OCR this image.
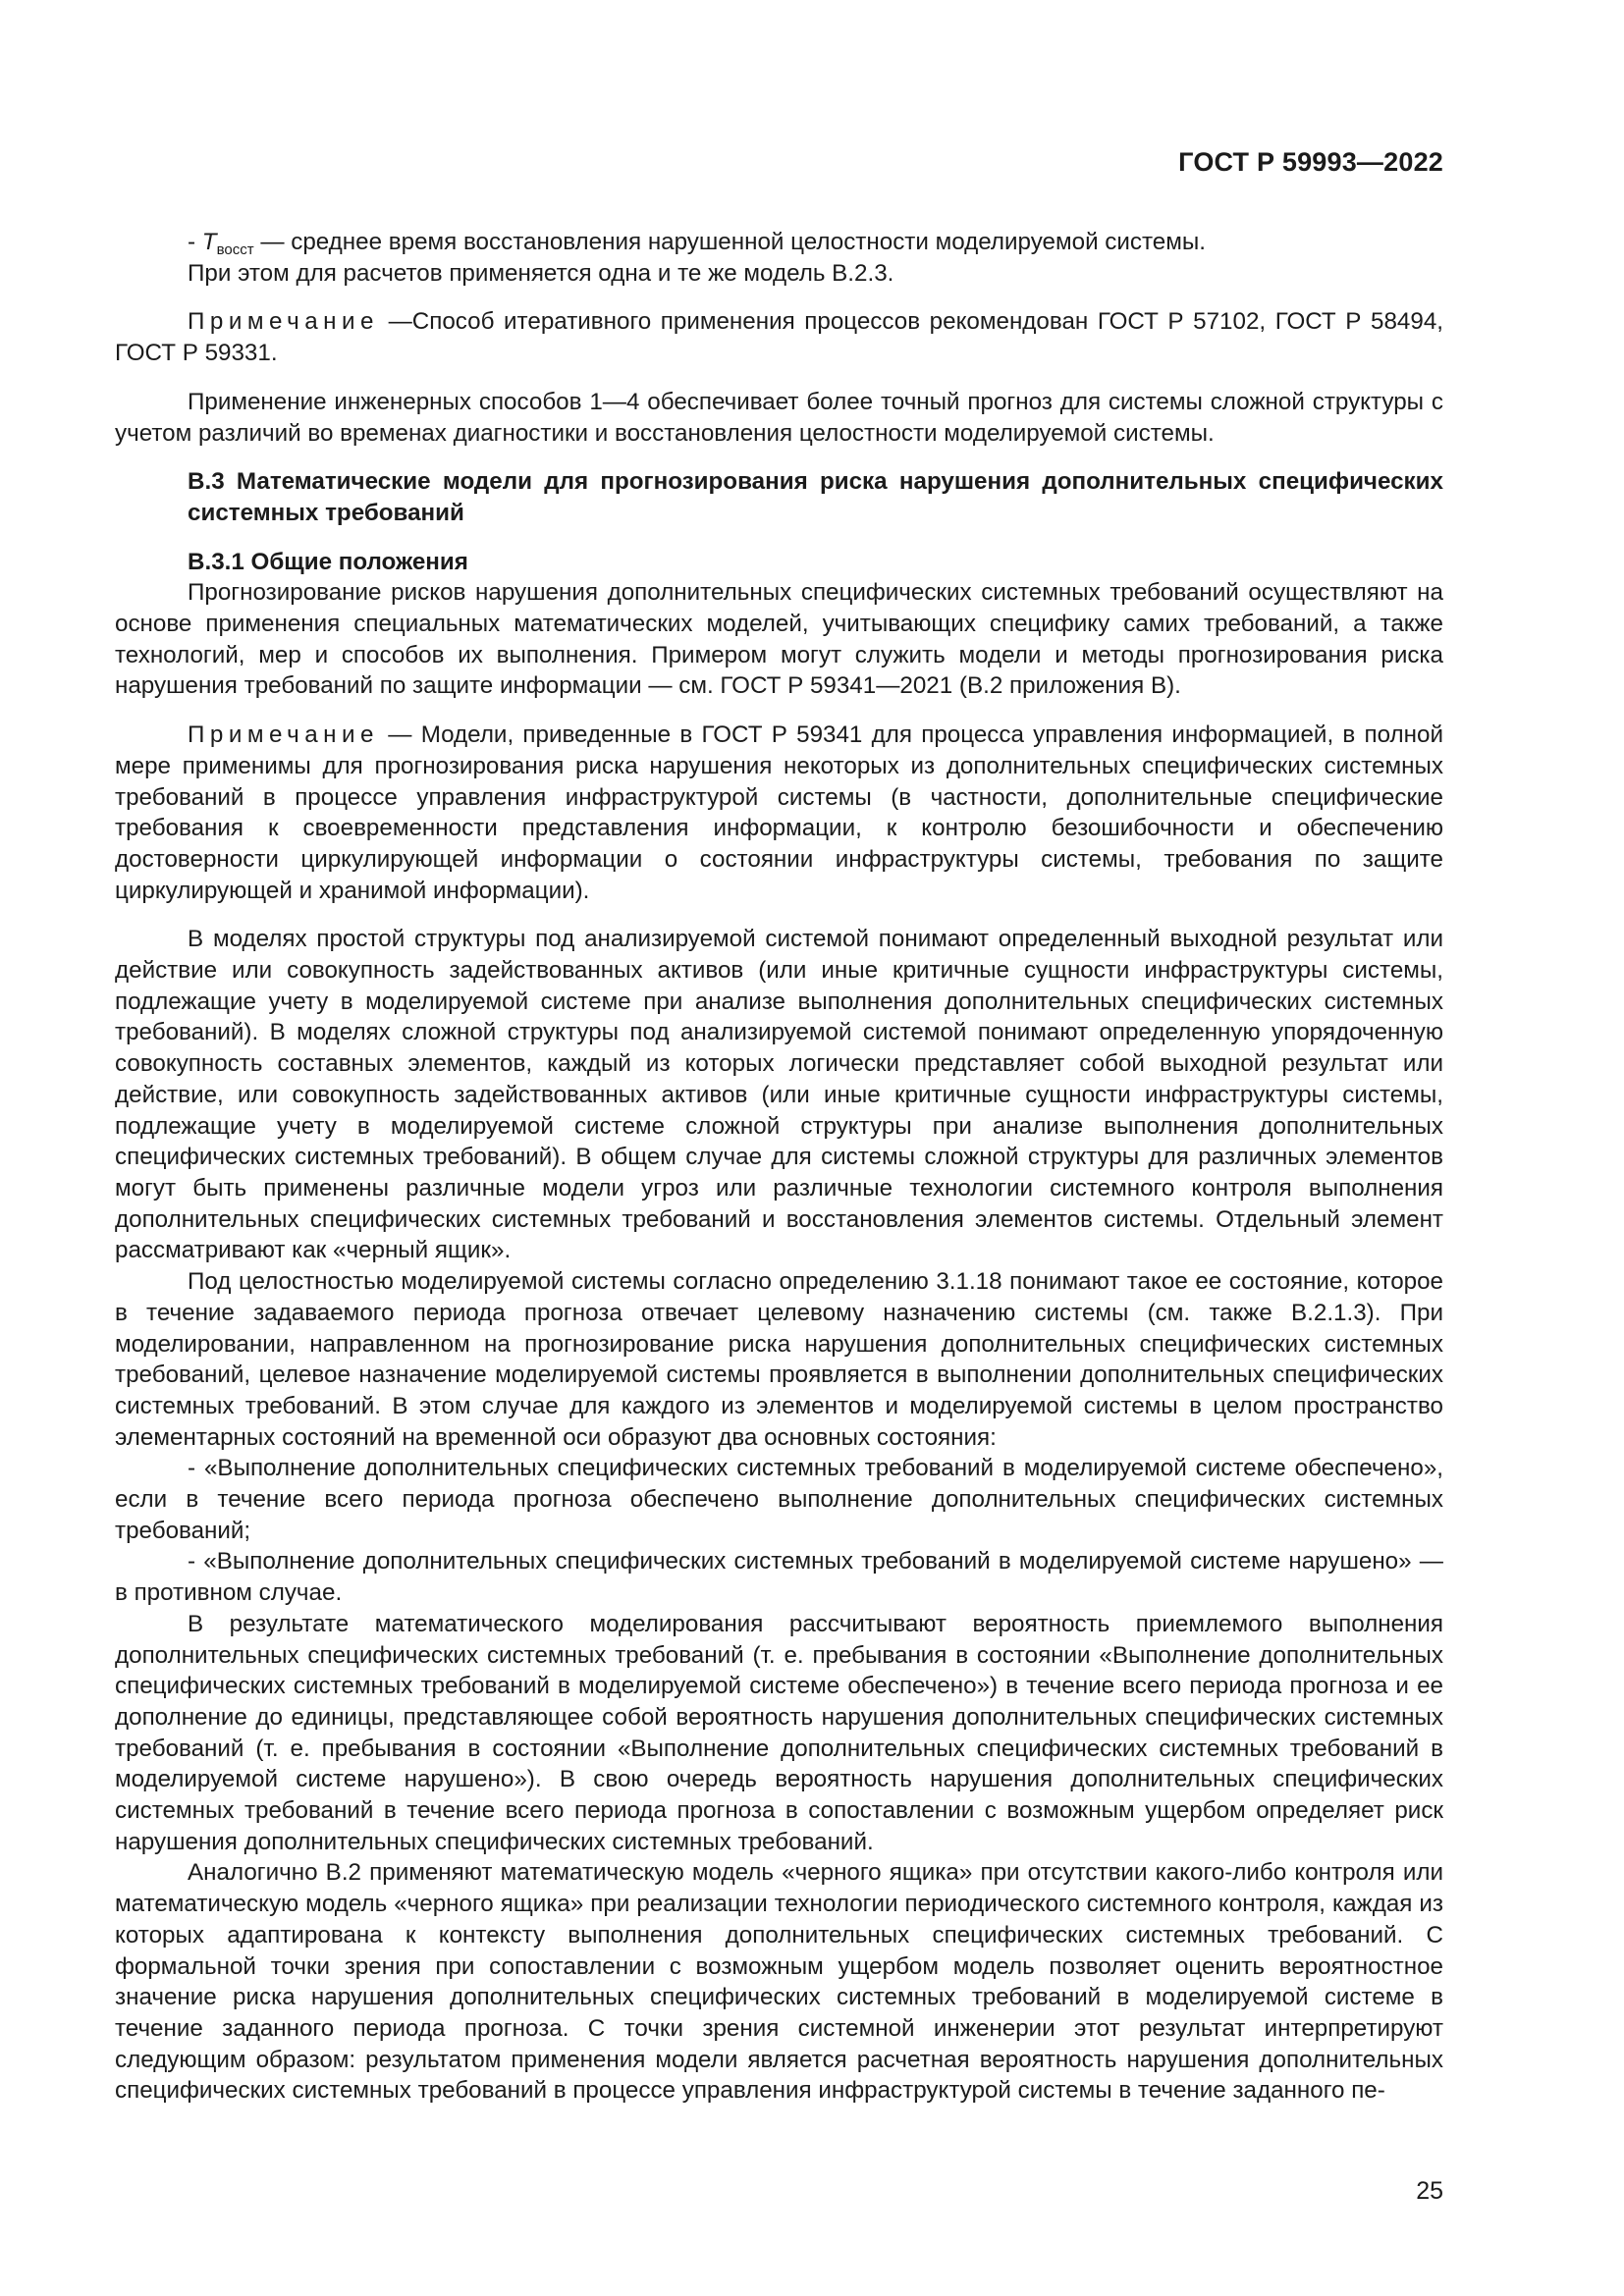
ГОСТ Р 59993—2022

- $T_{восст}$ — среднее время восстановления нарушенной целостности моделируемой системы.

При этом для расчетов применяется одна и те же модель В.2.3.

Примечание —Способ итеративного применения процессов рекомендован ГОСТ Р 57102, ГОСТ Р 58494, ГОСТ Р 59331.

Применение инженерных способов 1—4 обеспечивает более точный прогноз для системы сложной структуры с учетом различий во временах диагностики и восстановления целостности моделируемой системы.

В.3 Математические модели для прогнозирования риска нарушения дополнительных специфических системных требований

В.3.1 Общие положения

Прогнозирование рисков нарушения дополнительных специфических системных требований осуществляют на основе применения специальных математических моделей, учитывающих специфику самих требований, а также технологий, мер и способов их выполнения. Примером могут служить модели и методы прогнозирования риска нарушения требований по защите информации — см. ГОСТ Р 59341—2021 (В.2 приложения В).

Примечание — Модели, приведенные в ГОСТ Р 59341 для процесса управления информацией, в полной мере применимы для прогнозирования риска нарушения некоторых из дополнительных специфических системных требований в процессе управления инфраструктурой системы (в частности, дополнительные специфические требования к своевременности представления информации, к контролю безошибочности и обеспечению достоверности циркулирующей информации о состоянии инфраструктуры системы, требования по защите циркулирующей и хранимой информации).

В моделях простой структуры под анализируемой системой понимают определенный выходной результат или действие или совокупность задействованных активов (или иные критичные сущности инфраструктуры системы, подлежащие учету в моделируемой системе при анализе выполнения дополнительных специфических системных требований). В моделях сложной структуры под анализируемой системой понимают определенную упорядоченную совокупность составных элементов, каждый из которых логически представляет собой выходной результат или действие, или совокупность задействованных активов (или иные критичные сущности инфраструктуры системы, подлежащие учету в моделируемой системе сложной структуры при анализе выполнения дополнительных специфических системных требований). В общем случае для системы сложной структуры для различных элементов могут быть применены различные модели угроз или различные технологии системного контроля выполнения дополнительных специфических системных требований и восстановления элементов системы. Отдельный элемент рассматривают как «черный ящик».

Под целостностью моделируемой системы согласно определению 3.1.18 понимают такое ее состояние, которое в течение задаваемого периода прогноза отвечает целевому назначению системы (см. также В.2.1.3). При моделировании, направленном на прогнозирование риска нарушения дополнительных специфических системных требований, целевое назначение моделируемой системы проявляется в выполнении дополнительных специфических системных требований. В этом случае для каждого из элементов и моделируемой системы в целом пространство элементарных состояний на временной оси образуют два основных состояния:

- «Выполнение дополнительных специфических системных требований в моделируемой системе обеспечено», если в течение всего периода прогноза обеспечено выполнение дополнительных специфических системных требований;

- «Выполнение дополнительных специфических системных требований в моделируемой системе нарушено» — в противном случае.

В результате математического моделирования рассчитывают вероятность приемлемого выполнения дополнительных специфических системных требований (т. е. пребывания в состоянии «Выполнение дополнительных специфических системных требований в моделируемой системе обеспечено») в течение всего периода прогноза и ее дополнение до единицы, представляющее собой вероятность нарушения дополнительных специфических системных требований (т. е. пребывания в состоянии «Выполнение дополнительных специфических системных требований в моделируемой системе нарушено»). В свою очередь вероятность нарушения дополнительных специфических системных требований в течение всего периода прогноза в сопоставлении с возможным ущербом определяет риск нарушения дополнительных специфических системных требований.

Аналогично В.2 применяют математическую модель «черного ящика» при отсутствии какого-либо контроля или математическую модель «черного ящика» при реализации технологии периодического системного контроля, каждая из которых адаптирована к контексту выполнения дополнительных специфических системных требований. С формальной точки зрения при сопоставлении с возможным ущербом модель позволяет оценить вероятностное значение риска нарушения дополнительных специфических системных требований в моделируемой системе в течение заданного периода прогноза. С точки зрения системной инженерии этот результат интерпретируют следующим образом: результатом применения модели является расчетная вероятность нарушения дополнительных специфических системных требований в процессе управления инфраструктурой системы в течение заданного пе-

25
